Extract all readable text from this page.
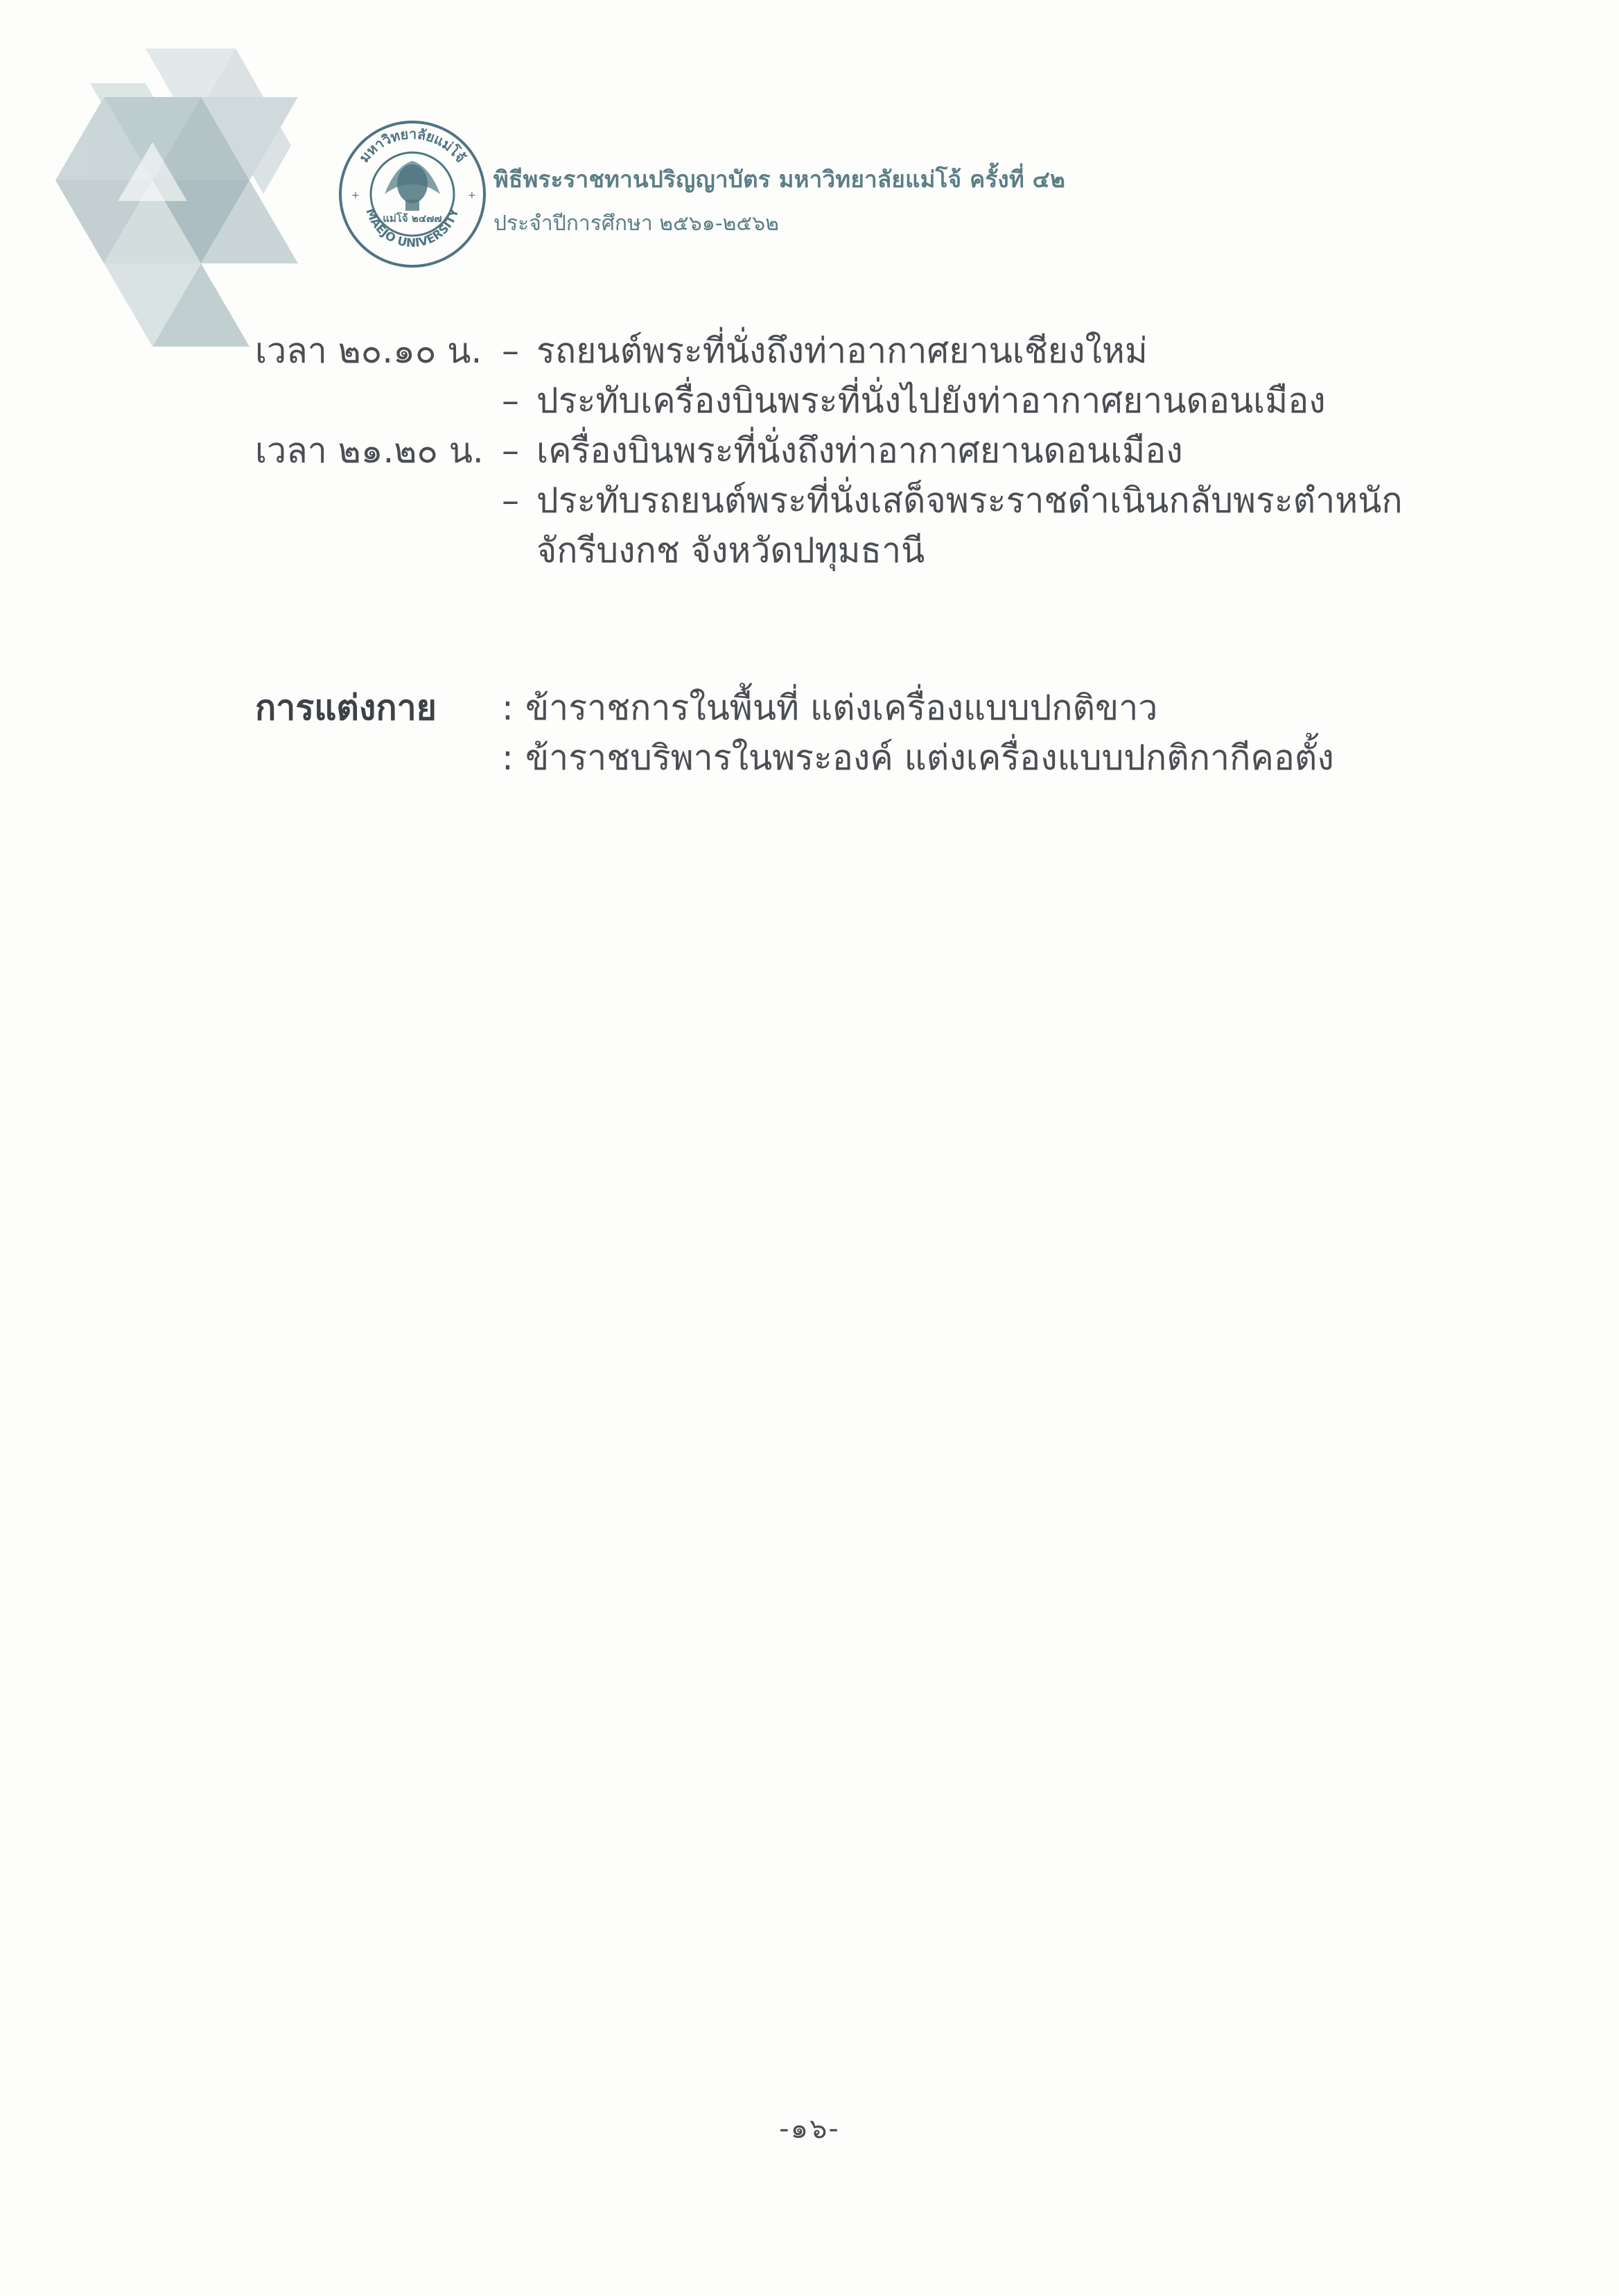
มหาวิทยาลัยแม่โจ้
MAEJO UNIVERSITY
แม่โจ้ ๒๔๗๗
+	+
พิธีพระราชทานปริญญาบัตร มหาวิทยาลัยแม่โจ้ ครั้งที่ ๔๒
ประจำปีการศึกษา ๒๕๖๑-๒๕๖๒
เวลา ๒๐.๑๐ น. – รถยนต์พระที่นั่งถึงท่าอากาศยานเชียงใหม่
– ประทับเครื่องบินพระที่นั่งไปยังท่าอากาศยานดอนเมือง
เวลา ๒๑.๒๐ น. – เครื่องบินพระที่นั่งถึงท่าอากาศยานดอนเมือง
– ประทับรถยนต์พระที่นั่งเสด็จพระราชดำเนินกลับพระตำหนัก
จักรีบงกช จังหวัดปทุมธานี
การแต่งกาย	: ข้าราชการในพื้นที่ แต่งเครื่องแบบปกติขาว
: ข้าราชบริพารในพระองค์ แต่งเครื่องแบบปกติกากีคอตั้ง
-๑๖-
